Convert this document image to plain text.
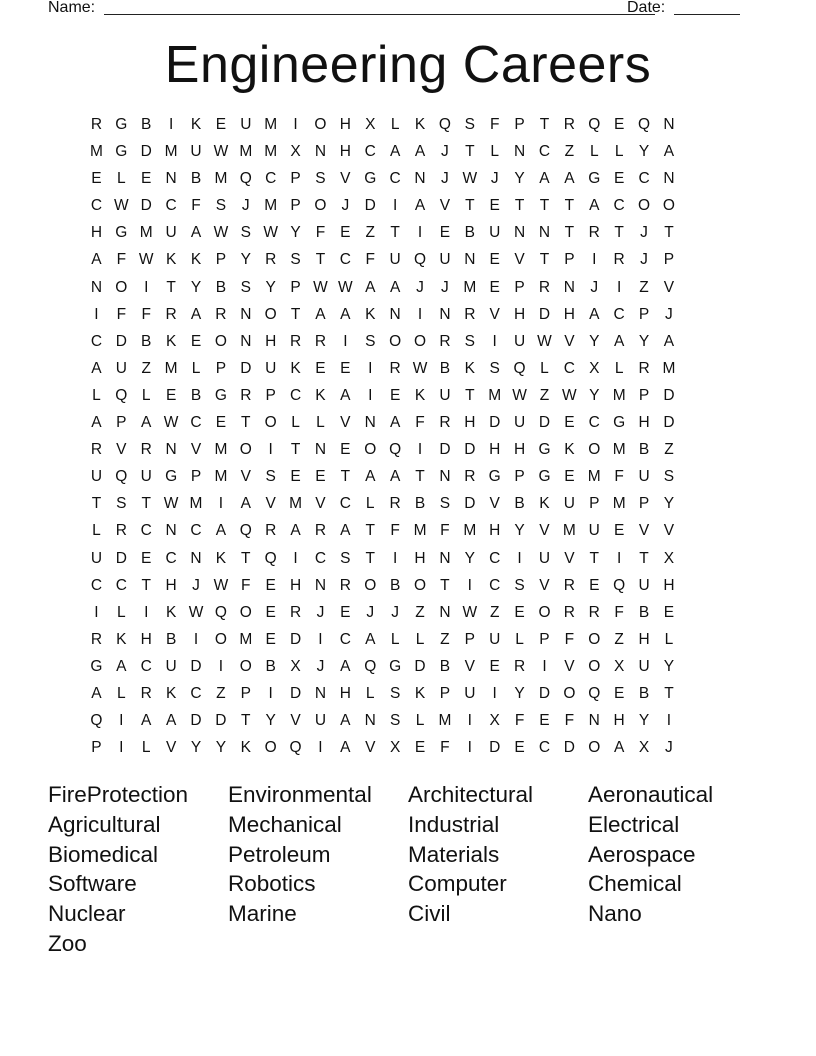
Name:	Date:
Engineering Careers
R G B	I	K E U M	I	O H X L K Q S F P T R Q E Q N
M G D M U W M M X N H C A A	J	T	L N C Z	L	L Y A
E L E N B M Q C P S V G C N J W J	Y A A G E C N
C W D C F S	J M P O J D	I	A V T E T T T A C O O
H G M U A W S W Y F E Z T	I	E B U N N T R T	J	T
A F W K K P Y R S T C F U Q U N E V T P	I	R J	P
N O	I	T Y B S Y P W W A A	J	J M E P R N J	I	Z V
I	F F R A R N O T A A K N	I	N R V H D H A C P	J
C D B K E O N H R R	I	S O O R S	I	U W V Y A Y A
A U Z M L P D U K E E	I	R W B K S Q L C X L R M
L Q L E B G R P C K A	I	E K U T M W Z W Y M P D
A P A W C E T O L	L V N A F R H D U D E C G H D
R V R N V M O	I	T N E O Q	I	D D H H G K O M B Z
U Q U G P M V S E E T A A T N R G P G E M F U S
T S T W M	I	A V M V C L R B S D V B K U P M P Y
L R C N C A Q R A R A T F M F M H Y V M U E V V
U D E C N K T Q	I	C S T	I	H N Y C	I	U V T	I	T X
C C T H J W F E H N R O B O T	I	C S V R E Q U H
I	L	I	K W Q O E R J	E	J	J	Z N W Z E O R R F B E
R K H B	I	O M E D	I	C A L	L	Z P U L P F O Z H L
G A C U D	I	O B X	J	A Q G D B V E R	I	V O X U Y
A L R K C Z P	I	D N H L S K P U	I	Y D O Q E B T
Q	I	A A D D T Y V U A N S L M	I	X F E F N H Y	I
P	I	L V Y Y K O Q	I	A V X E F	I	D E C D O A X	J
FireProtection	Environmental	Architectural	Aeronautical
Agricultural	Mechanical	Industrial	Electrical
Biomedical	Petroleum	Materials	Aerospace
Software	Robotics	Computer	Chemical
Nuclear	Marine	Civil	Nano
Zoo
